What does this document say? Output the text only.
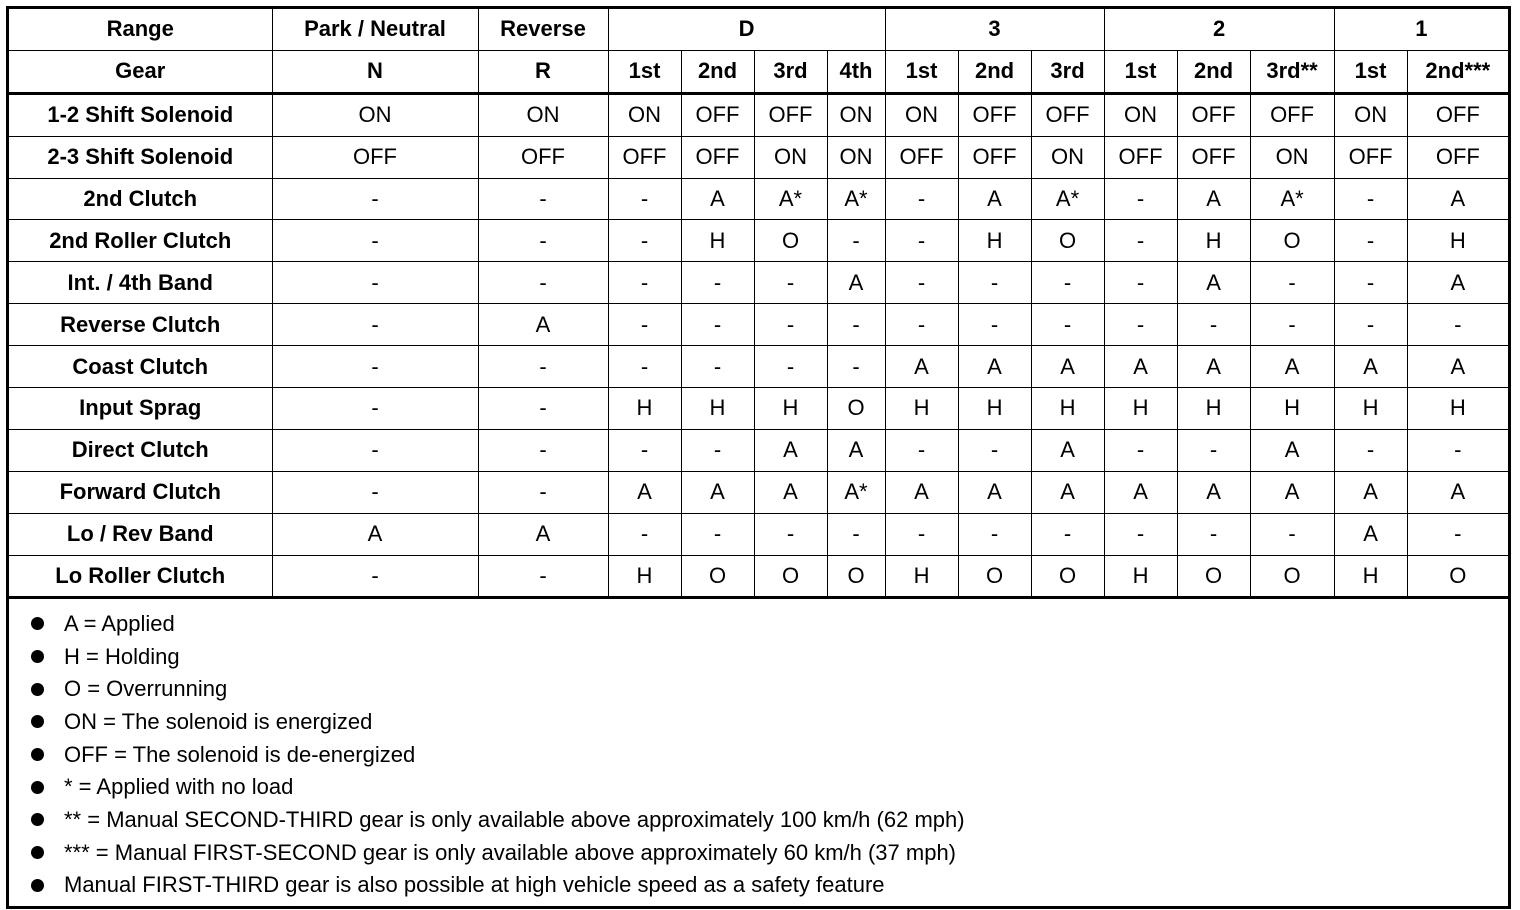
Range	Park / Neutral	Reverse	D				3			2			1	
Gear	N	R	1st	2nd	3rd	4th	1st	2nd	3rd	1st	2nd	3rd**	1st	2nd***
1-2 Shift Solenoid	ON	ON	ON	OFF	OFF	ON	ON	OFF	OFF	ON	OFF	OFF	ON	OFF
2-3 Shift Solenoid	OFF	OFF	OFF	OFF	ON	ON	OFF	OFF	ON	OFF	OFF	ON	OFF	OFF
2nd Clutch	-	-	-	A	A*	A*	-	A	A*	-	A	A*	-	A
2nd Roller Clutch	-	-	-	H	O	-	-	H	O	-	H	O	-	H
Int. / 4th Band	-	-	-	-	-	A	-	-	-	-	A	-	-	A
Reverse Clutch	-	A	-	-	-	-	-	-	-	-	-	-	-	-
Coast Clutch	-	-	-	-	-	-	A	A	A	A	A	A	A	A
Input Sprag	-	-	H	H	H	O	H	H	H	H	H	H	H	H
Direct Clutch	-	-	-	-	A	A	-	-	A	-	-	A	-	-
Forward Clutch	-	-	A	A	A	A*	A	A	A	A	A	A	A	A
Lo / Rev Band	A	A	-	-	-	-	-	-	-	-	-	-	A	-
Lo Roller Clutch	-	-	H	O	O	O	H	O	O	H	O	O	H	O
A = Applied
H = Holding
O = Overrunning
ON = The solenoid is energized
OFF = The solenoid is de-energized
* = Applied with no load
** = Manual SECOND-THIRD gear is only available above approximately 100 km/h (62 mph)
*** = Manual FIRST-SECOND gear is only available above approximately 60 km/h (37 mph)
Manual FIRST-THIRD gear is also possible at high vehicle speed as a safety feature
